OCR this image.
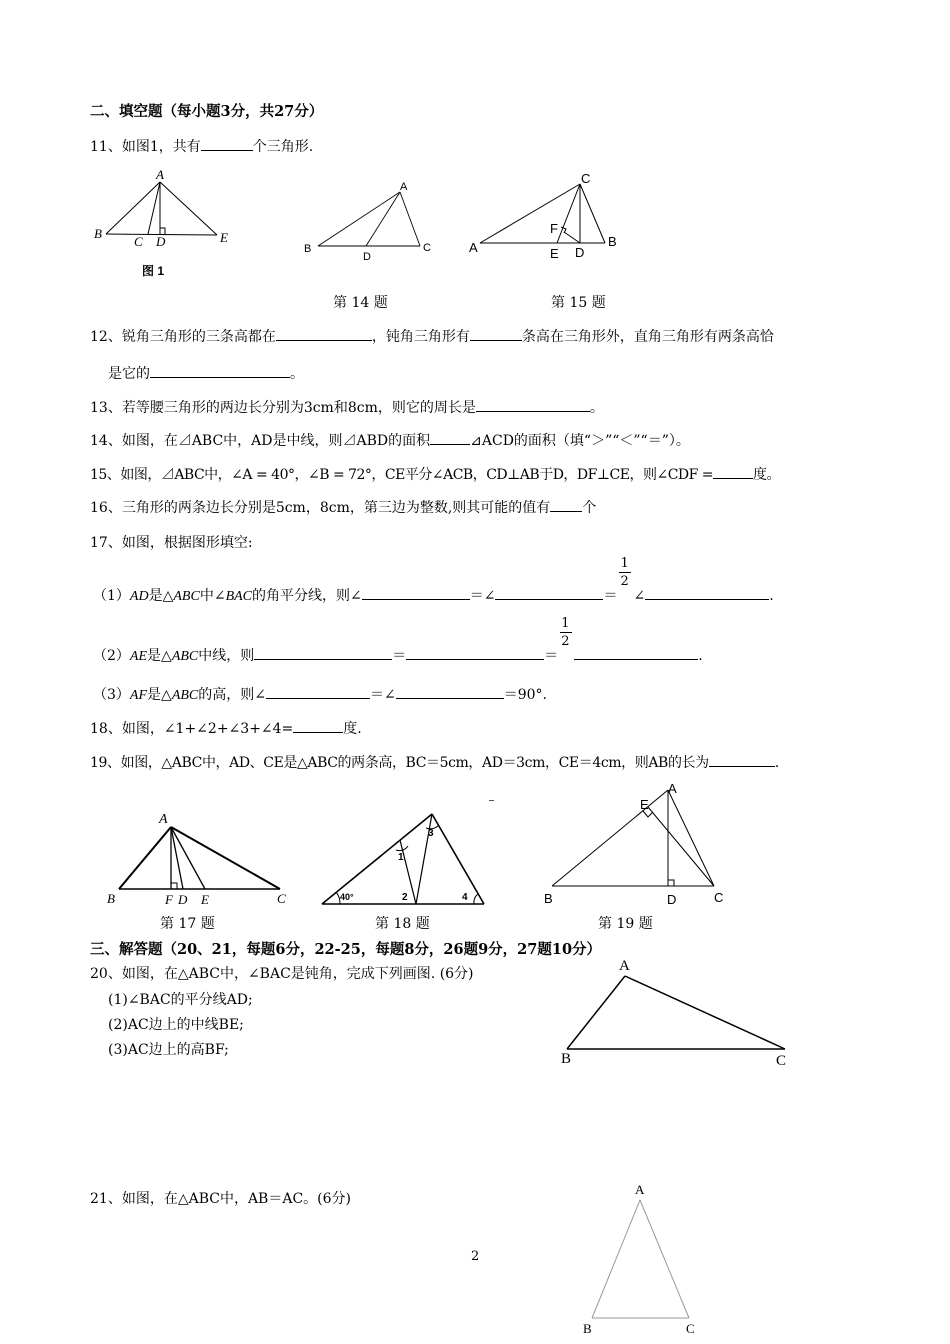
二、填空题（每小题3分，共27分）
11、如图1，共有	个三角形.
A
B
C D	E
图 1
A
B
D
C
C
F
A	E D
B
第 14 题	第 15 题
12、锐角三角形的三条高都在	，钝角三角形有	条高在三角形外，直角三角形有两条高恰
是它的	。
13、若等腰三角形的两边长分别为3cm和8cm，则它的周长是	。
14、如图，在⊿ABC中，AD是中线，则⊿ABD的面积	⊿ACD的面积（填“＞”“＜”“＝”）。
15、如图，⊿ABC中，∠A = 40°，∠B = 72°，CE平分∠ACB，CD⊥AB于D，DF⊥CE，则∠CDF =	度。
16、三角形的两条边长分别是5cm，8cm，第三边为整数,则其可能的值有 个
17、如图，根据图形填空:
（1）AD是△ABC中∠BAC的角平分线，则∠	＝∠	＝ $\frac{1}{2}$ ∠	.
（2）AE是△ABC中线，则	＝	＝ $\frac{1}{2}$	.
（3）AF是△ABC的高，则∠	＝∠	＝90°.
18、如图，∠1+∠2+∠3+∠4=	度.
19、如图，△ABC中，AD、CE是△ABC的两条高，BC＝5cm，AD＝3cm，CE＝4cm，则AB的长为	.
A
B	F D E	C
1
2
3
4
40°
E
A
B	D	C
第 17 题	第 18 题	第 19 题
三、解答题（20、21，每题6分，22-25，每题8分，26题9分，27题10分）
20、如图，在△ABC中，∠BAC是钝角，完成下列画图. (6分)
(1)∠BAC的平分线AD;
(2)AC边上的中线BE;
(3)AC边上的高BF;
A
B	C
21、如图，在△ABC中，AB＝AC。(6分)
A
B	C
2
